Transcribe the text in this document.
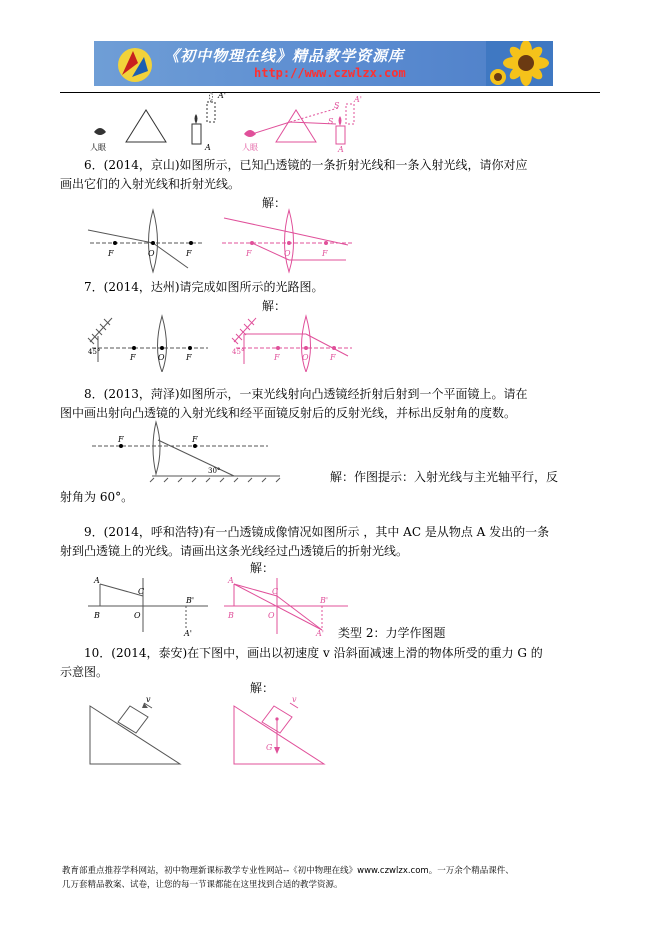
《初中物理在线》精品教学资源库
http://www.czwlzx.com
A'
人眼	A
S
A'
S
A
人眼
6．(2014，京山)如图所示，已知凸透镜的一条折射光线和一条入射光线，请你对应
画出它们的入射光线和折射光线。
解：
F	O	F	F	O	F
7．(2014，达州)请完成如图所示的光路图。
解：
45°
F	O	F
45°
F	O	F
8．(2013，菏泽)如图所示，一束光线射向凸透镜经折射后射到一个平面镜上。请在
图中画出射向凸透镜的入射光线和经平面镜反射后的反射光线，并标出反射角的度数。
F	F
30°	解：作图提示：入射光线与主光轴平行，反
射角为 60°。
9．(2014，呼和浩特)有一凸透镜成像情况如图所示 ，其中 AC 是从物点 A 发出的一条
射到凸透镜上的光线。请画出这条光线经过凸透镜后的折射光线。
解：
A
C
B	O
B'
A'
A
C
B	O
B'
A' 类型 2：力学作图题
10．(2014，泰安)在下图中，画出以初速度 v 沿斜面减速上滑的物体所受的重力 G 的
示意图。
解：
v	v
G
教育部重点推荐学科网站，初中物理新课标教学专业性网站--《初中物理在线》www.czwlzx.com。一万余个精品课件、
几万套精品教案、试卷，让您的每一节课都能在这里找到合适的教学资源。
